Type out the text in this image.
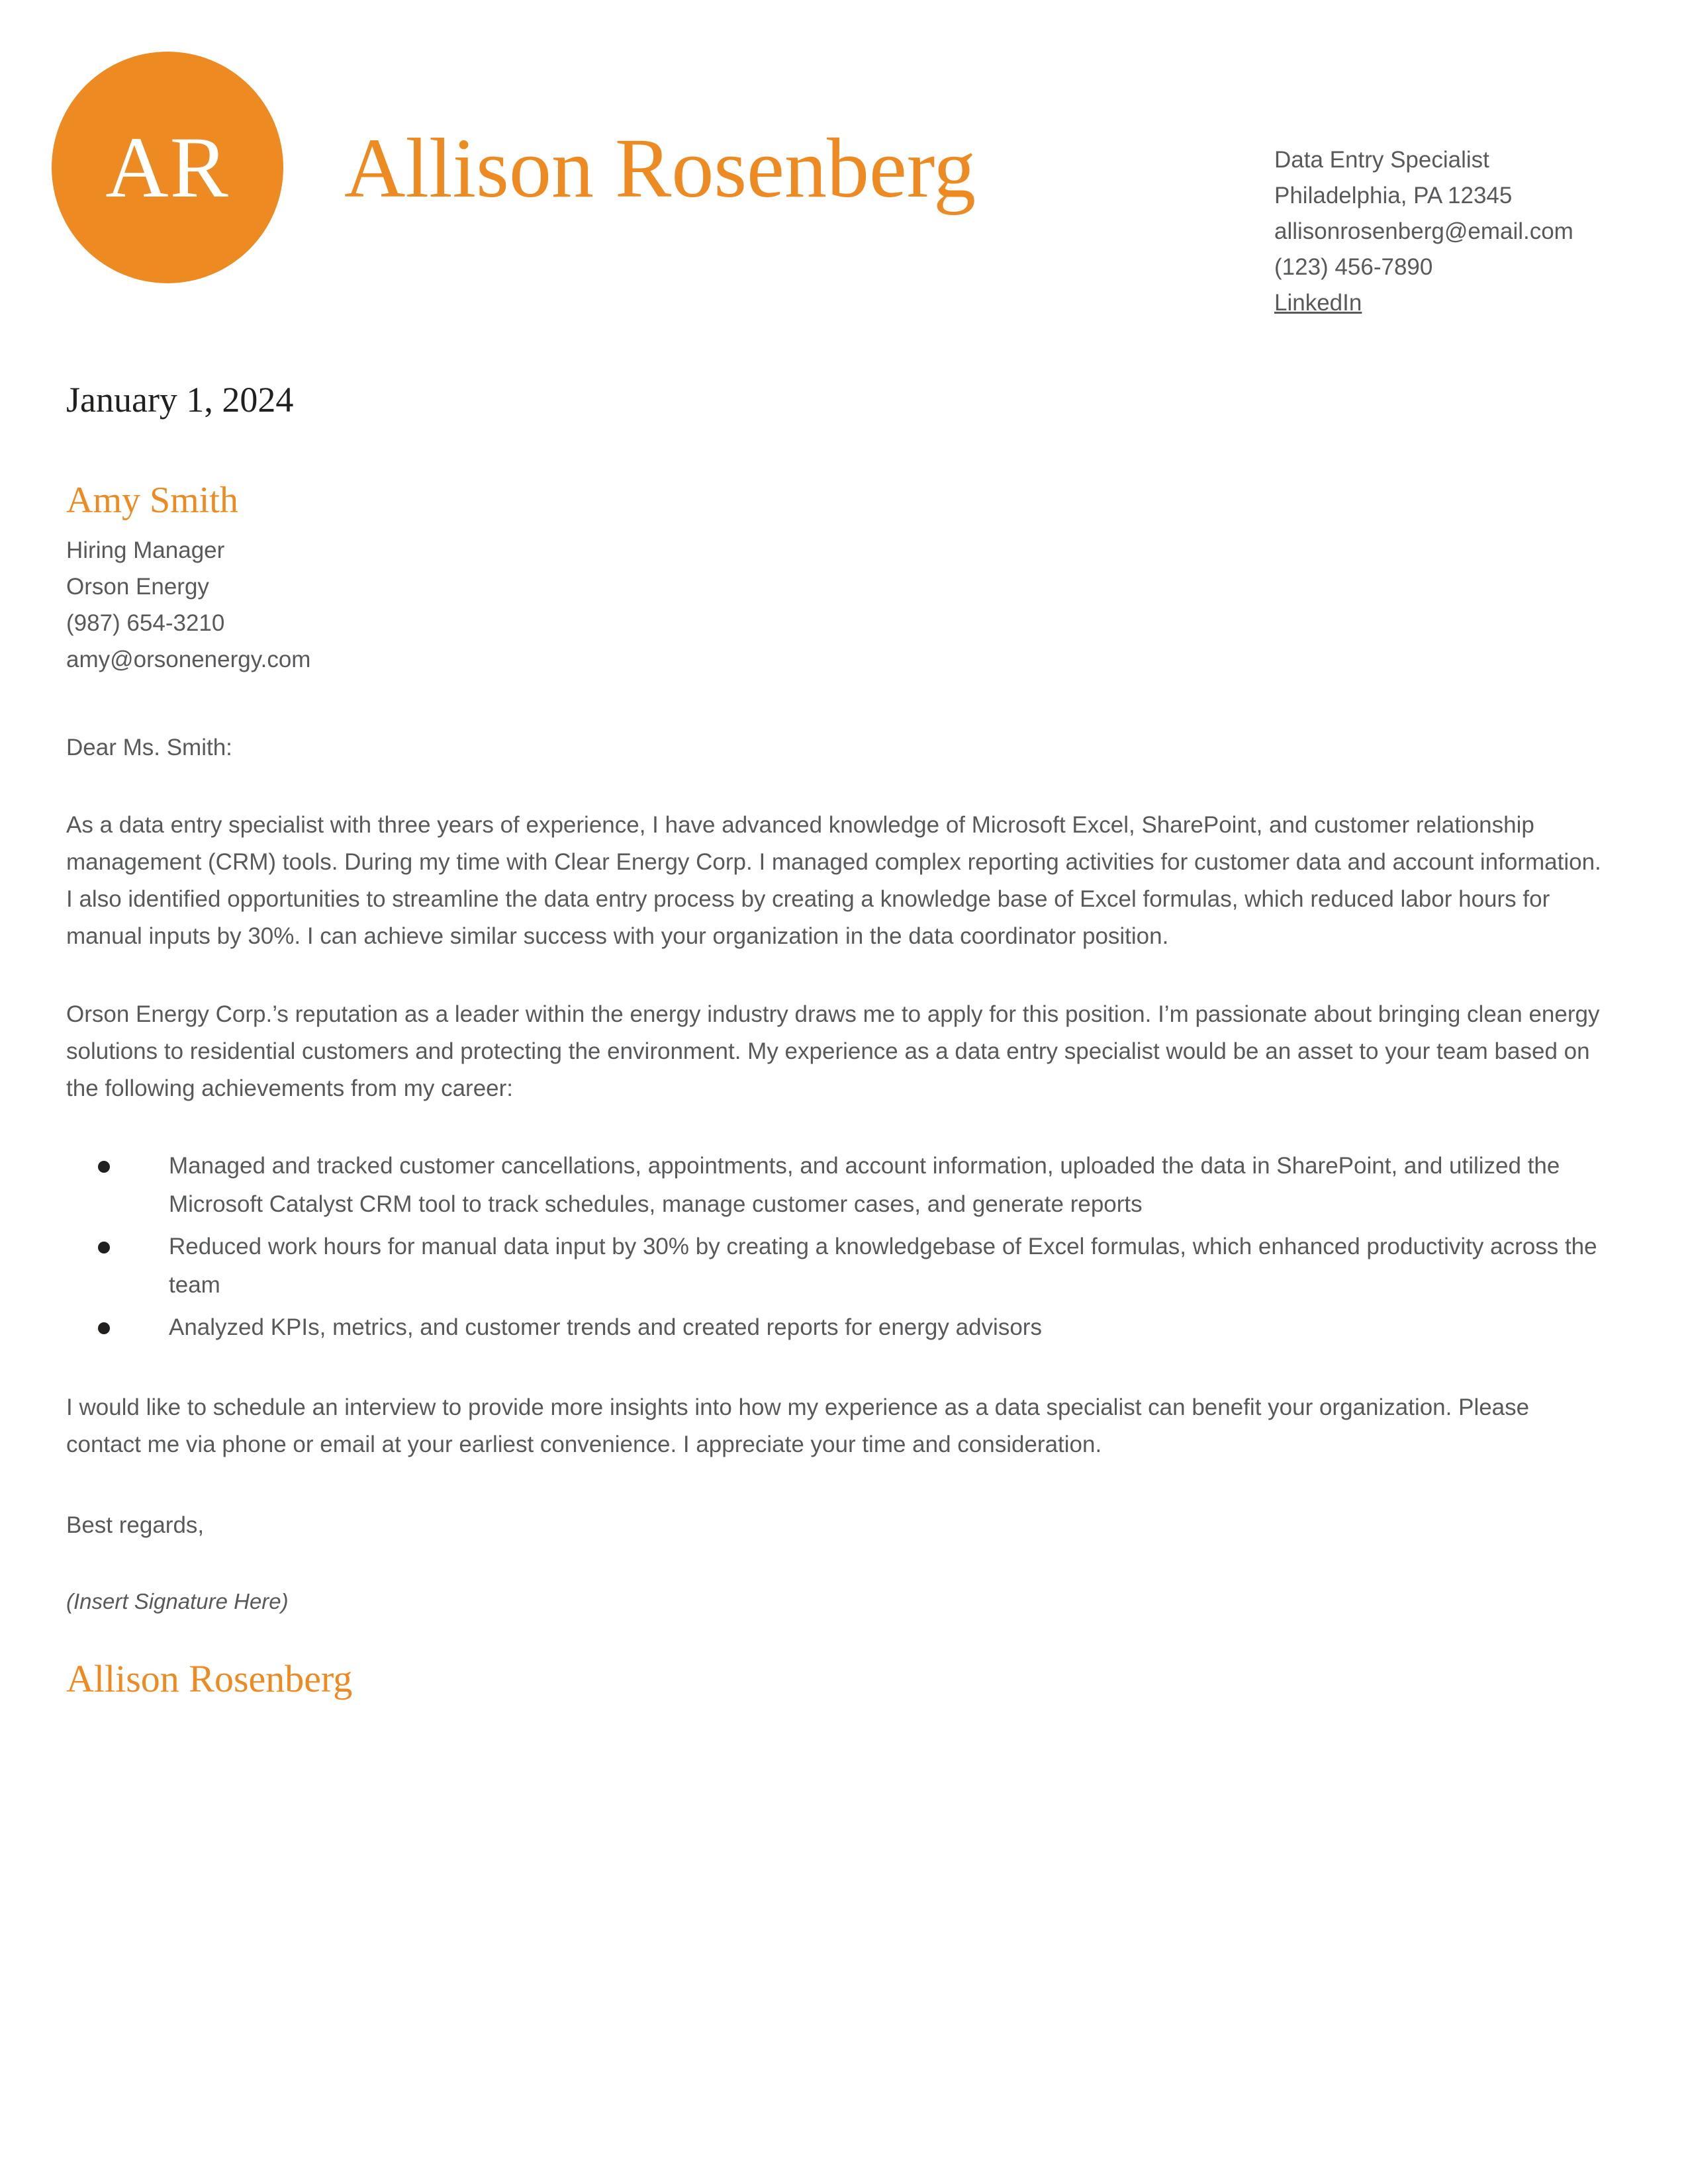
AR Allison Rosenberg	Data Entry Specialist
Philadelphia, PA 12345
allisonrosenberg@email.com
(123) 456-7890
LinkedIn
January 1, 2024
Amy Smith
Hiring Manager
Orson Energy
(987) 654-3210
amy@orsonenergy.com
Dear Ms. Smith:

As a data entry specialist with three years of experience, I have advanced knowledge of Microsoft Excel, SharePoint, and customer relationship management (CRM) tools. During my time with Clear Energy Corp. I managed complex reporting activities for customer data and account information. I also identified opportunities to streamline the data entry process by creating a knowledge base of Excel formulas, which reduced labor hours for manual inputs by 30%. I can achieve similar success with your organization in the data coordinator position.

Orson Energy Corp.’s reputation as a leader within the energy industry draws me to apply for this position. I’m passionate about bringing clean energy solutions to residential customers and protecting the environment. My experience as a data entry specialist would be an asset to your team based on the following achievements from my career:

Managed and tracked customer cancellations, appointments, and account information, uploaded the data in SharePoint, and utilized the Microsoft Catalyst CRM tool to track schedules, manage customer cases, and generate reports
Reduced work hours for manual data input by 30% by creating a knowledgebase of Excel formulas, which enhanced productivity across the team
Analyzed KPIs, metrics, and customer trends and created reports for energy advisors

I would like to schedule an interview to provide more insights into how my experience as a data specialist can benefit your organization. Please contact me via phone or email at your earliest convenience. I appreciate your time and consideration.

Best regards,
(Insert Signature Here)
Allison Rosenberg
